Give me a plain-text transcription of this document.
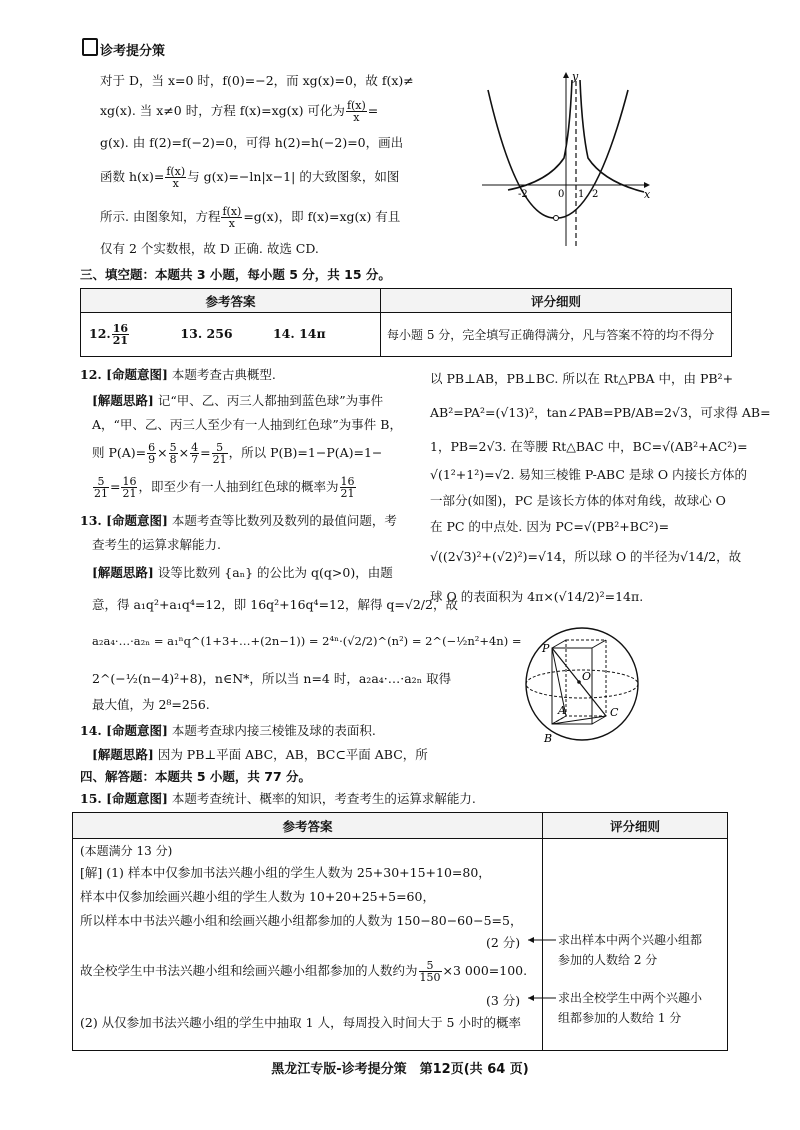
诊考提分策
对于 D，当 x=0 时，f(0)=−2，而 xg(x)=0，故 f(x)≠
xg(x). 当 x≠0 时，方程 f(x)=xg(x) 可化为 $\frac{f(x)}{x}$ =
g(x). 由 f(2)=f(−2)=0，可得 h(2)=h(−2)=0，画出
函数 $h(x)= \frac{f(x)}{x}$ 与 g(x)=−ln|x−1| 的大致图象，如图
所示. 由图象知，方程 $\frac{f(x)}{x} =g(x)$，即 f(x)=xg(x) 有且
仅有 2 个实数根，故 D 正确. 故选 CD.
y
x
-2	0 1 2
三、填空题：本题共 3 小题，每小题 5 分，共 15 分。
参考答案	评分细则
12. $\frac{16}{21} 13$. 256 14. 14π	每小题 5 分，完全填写正确得满分，凡与答案不符的均不得分
12. [命题意图] 本题考查古典概型.
[解题思路] 记“甲、乙、丙三人都抽到蓝色球”为事件
A，“甲、乙、丙三人至少有一人抽到红色球”为事件 B，
则 $P(A)= \frac{6}{9} \times \frac{5}{8} \times \frac{4}{7} = \frac{5}{21}$ ，所以 P(B)=1−P(A)=1−
$\frac{5}{21} = \frac{16}{21}$ ，即至少有一人抽到红色球的概率为 $\frac{16}{21}$
13. [命题意图] 本题考查等比数列及数列的最值问题，考
查考生的运算求解能力.
[解题思路] 设等比数列 {aₙ} 的公比为 q(q>0)，由题
意，得 a₁q²+a₁q⁴=12，即 16q²+16q⁴=12，解得 q=√2/2，故
a₂a₄·…·a₂ₙ = a₁ⁿq^(1+3+…+(2n−1)) = 2⁴ⁿ·(√2/2)^(n²) = 2^(−½n²+4n) =
2^(−½(n−4)²+8)，n∈N*，所以当 n=4 时，a₂a₄·…·a₂ₙ 取得
最大值，为 2⁸=256.
14. [命题意图] 本题考查球内接三棱锥及球的表面积.
[解题思路] 因为 PB⊥平面 ABC，AB，BC⊂平面 ABC，所
以 PB⊥AB，PB⊥BC. 所以在 Rt△PBA 中，由 PB²+
AB²=PA²=(√13)²，tan∠PAB=PB/AB=2√3，可求得 AB=
1，PB=2√3. 在等腰 Rt△BAC 中，BC=√(AB²+AC²)=
√(1²+1²)=√2. 易知三棱锥 P-ABC 是球 O 内接长方体的
一部分(如图)，PC 是该长方体的体对角线，故球心 O
在 PC 的中点处. 因为 PC=√(PB²+BC²)=
√((2√3)²+(√2)²)=√14，所以球 O 的半径为√14/2，故
球 O 的表面积为 4π×(√14/2)²=14π.
P
O
A
B
C
四、解答题：本题共 5 小题，共 77 分。
15. [命题意图] 本题考查统计、概率的知识，考查考生的运算求解能力.
参考答案	评分细则

(本题满分 13 分)
[解] (1) 样本中仅参加书法兴趣小组的学生人数为 25+30+15+10=80，
样本中仅参加绘画兴趣小组的学生人数为 10+20+25+5=60，
所以样本中书法兴趣小组和绘画兴趣小组都参加的人数为 150−80−60−5=5，
(2 分)
故全校学生中书法兴趣小组和绘画兴趣小组都参加的人数约为 $\frac{5}{150} \times 3$ 000=100.
(3 分)
(2) 从仅参加书法兴趣小组的学生中抽取 1 人，每周投入时间大于 5 小时的概率
求出样本中两个兴趣小组都
参加的人数给 2 分
求出全校学生中两个兴趣小
组都参加的人数给 1 分
黑龙江专版-诊考提分策　第12页(共 64 页)
